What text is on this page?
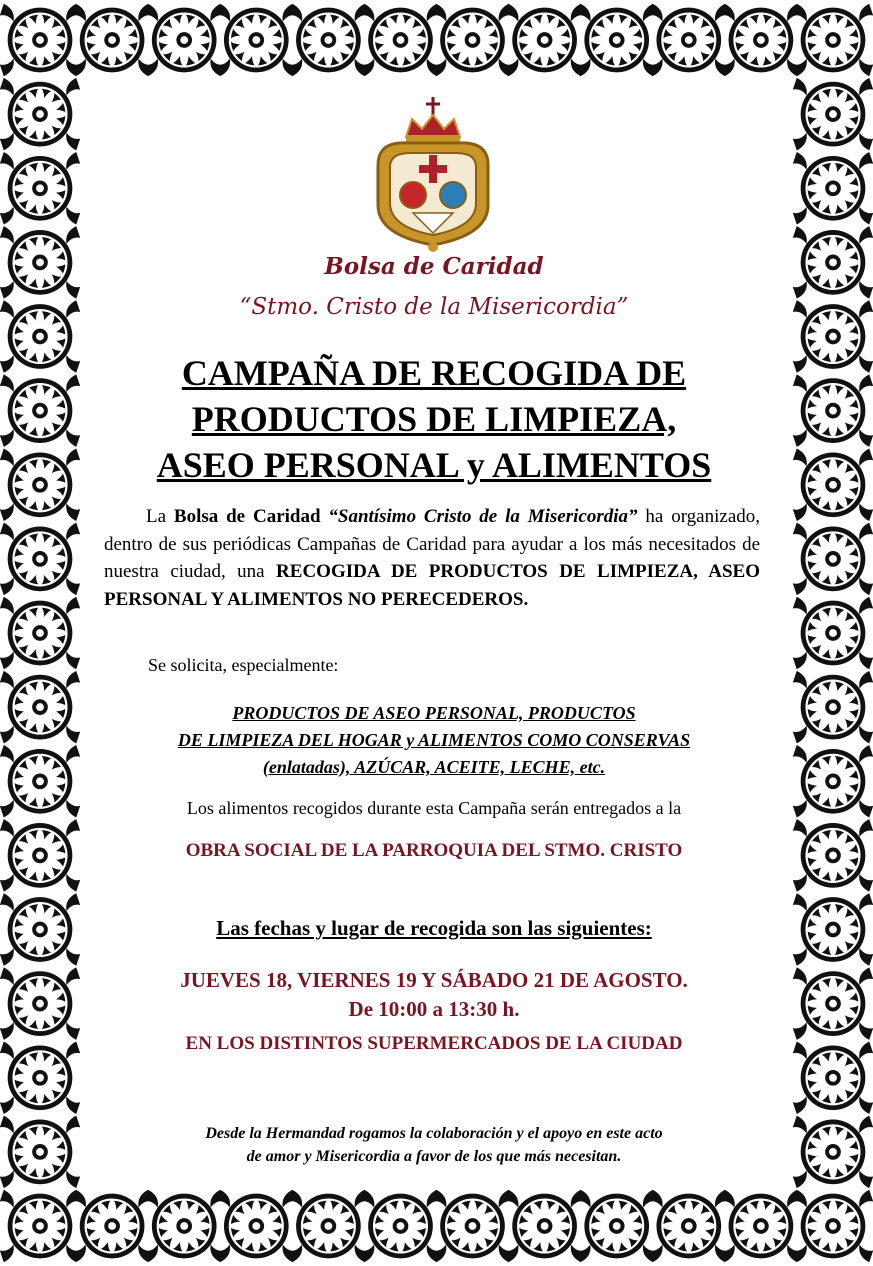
Bolsa de Caridad
“Stmo. Cristo de la Misericordia”
CAMPAÑA DE RECOGIDA DE
PRODUCTOS DE LIMPIEZA,
ASEO PERSONAL y ALIMENTOS
La Bolsa de Caridad “Santísimo Cristo de la Misericordia” ha organizado, dentro de sus periódicas Campañas de Caridad para ayudar a los más necesitados de nuestra ciudad, una RECOGIDA DE PRODUCTOS DE LIMPIEZA, ASEO PERSONAL Y ALIMENTOS NO PERECEDEROS.
Se solicita, especialmente:
PRODUCTOS DE ASEO PERSONAL, PRODUCTOS
DE LIMPIEZA DEL HOGAR y ALIMENTOS COMO CONSERVAS
(enlatadas), AZÚCAR, ACEITE, LECHE, etc.
Los alimentos recogidos durante esta Campaña serán entregados a la
OBRA SOCIAL DE LA PARROQUIA DEL STMO. CRISTO
Las fechas y lugar de recogida son las siguientes:
JUEVES 18, VIERNES 19 Y SÁBADO 21 DE AGOSTO.
De 10:00 a 13:30 h.
EN LOS DISTINTOS SUPERMERCADOS DE LA CIUDAD
Desde la Hermandad rogamos la colaboración y el apoyo en este acto
de amor y Misericordia a favor de los que más necesitan.
